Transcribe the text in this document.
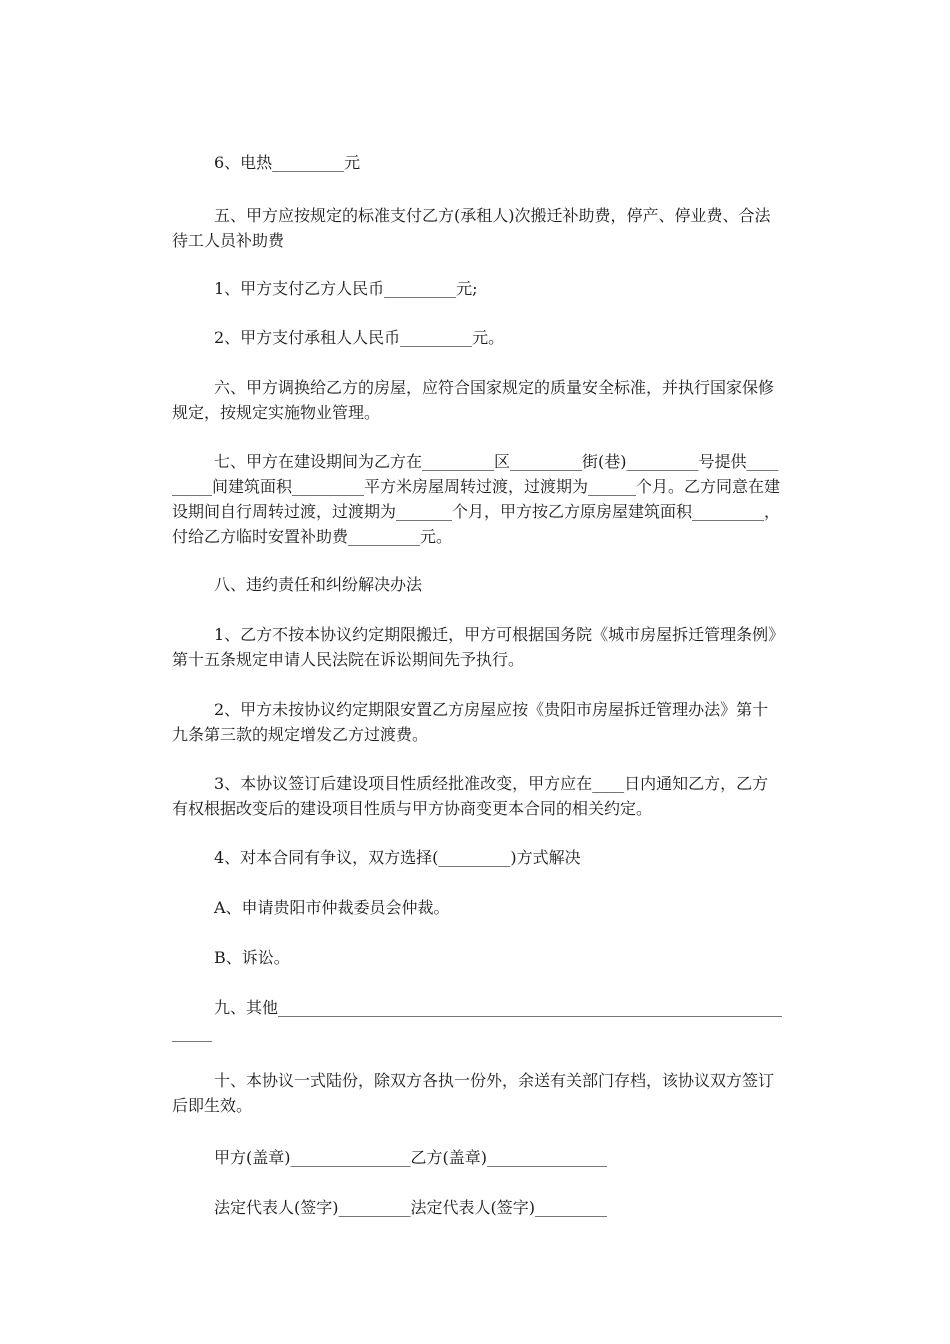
6、电热_________元

五、甲方应按规定的标准支付乙方(承租人)次搬迁补助费，停产、停业费、合法待工人员补助费

1、甲方支付乙方人民币_________元;

2、甲方支付承租人人民币_________元。

六、甲方调换给乙方的房屋，应符合国家规定的质量安全标准，并执行国家保修规定，按规定实施物业管理。

七、甲方在建设期间为乙方在_________区_________街(巷)_________号提供_________间建筑面积_________平方米房屋周转过渡，过渡期为______个月。乙方同意在建设期间自行周转过渡，过渡期为_______个月，甲方按乙方原房屋建筑面积_________，付给乙方临时安置补助费_________元。

八、违约责任和纠纷解决办法

1、乙方不按本协议约定期限搬迁，甲方可根据国务院《城市房屋拆迁管理条例》第十五条规定申请人民法院在诉讼期间先予执行。

2、甲方未按协议约定期限安置乙方房屋应按《贵阳市房屋拆迁管理办法》第十九条第三款的规定增发乙方过渡费。

3、本协议签订后建设项目性质经批准改变，甲方应在____日内通知乙方，乙方有权根据改变后的建设项目性质与甲方协商变更本合同的相关约定。

4、对本合同有争议，双方选择(_________)方式解决

A、申请贵阳市仲裁委员会仲裁。

B、诉讼。

九、其他____________________________________________________________________

十、本协议一式陆份，除双方各执一份外，余送有关部门存档，该协议双方签订后即生效。

甲方(盖章)_______________乙方(盖章)_______________

法定代表人(签字)_________法定代表人(签字)_________
